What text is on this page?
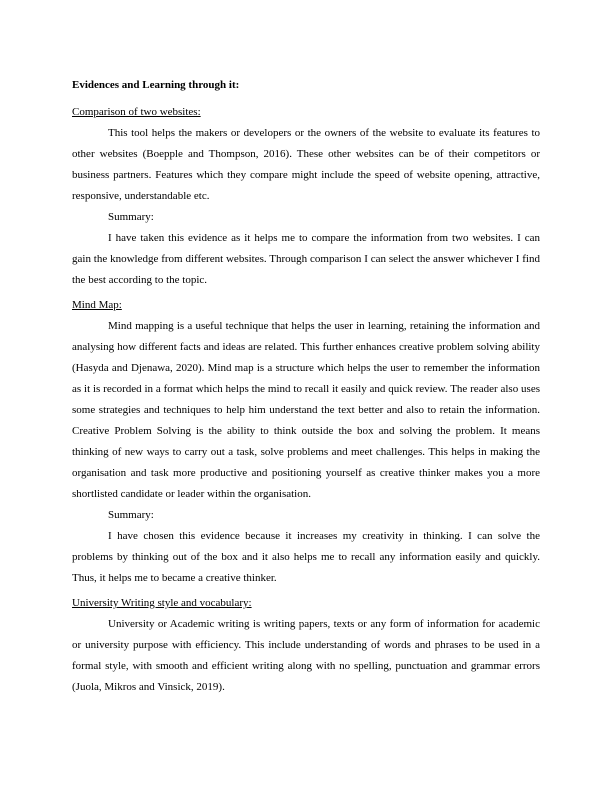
Evidences and Learning through it:

Comparison of two websites:

This tool helps the makers or developers or the owners of the website to evaluate its features to other websites (Boepple and Thompson, 2016). These other websites can be of their competitors or business partners. Features which they compare might include the speed of website opening, attractive, responsive, understandable etc.

Summary:

I have taken this evidence as it helps me to compare the information from two websites. I can gain the knowledge from different websites. Through comparison I can select the answer whichever I find the best according to the topic.

Mind Map:

Mind mapping is a useful technique that helps the user in learning, retaining the information and analysing how different facts and ideas are related. This further enhances creative problem solving ability (Hasyda and Djenawa, 2020). Mind map is a structure which helps the user to remember the information as it is recorded in a format which helps the mind to recall it easily and quick review. The reader also uses some strategies and techniques to help him understand the text better and also to retain the information. Creative Problem Solving is the ability to think outside the box and solving the problem. It means thinking of new ways to carry out a task, solve problems and meet challenges. This helps in making the organisation and task more productive and positioning yourself as creative thinker makes you a more shortlisted candidate or leader within the organisation.

Summary:

I have chosen this evidence because it increases my creativity in thinking. I can solve the problems by thinking out of the box and it also helps me to recall any information easily and quickly. Thus, it helps me to became a creative thinker.

University Writing style and vocabulary:

University or Academic writing is writing papers, texts or any form of information for academic or university purpose with efficiency. This include understanding of words and phrases to be used in a formal style, with smooth and efficient writing along with no spelling, punctuation and grammar errors (Juola, Mikros and Vinsick, 2019).
